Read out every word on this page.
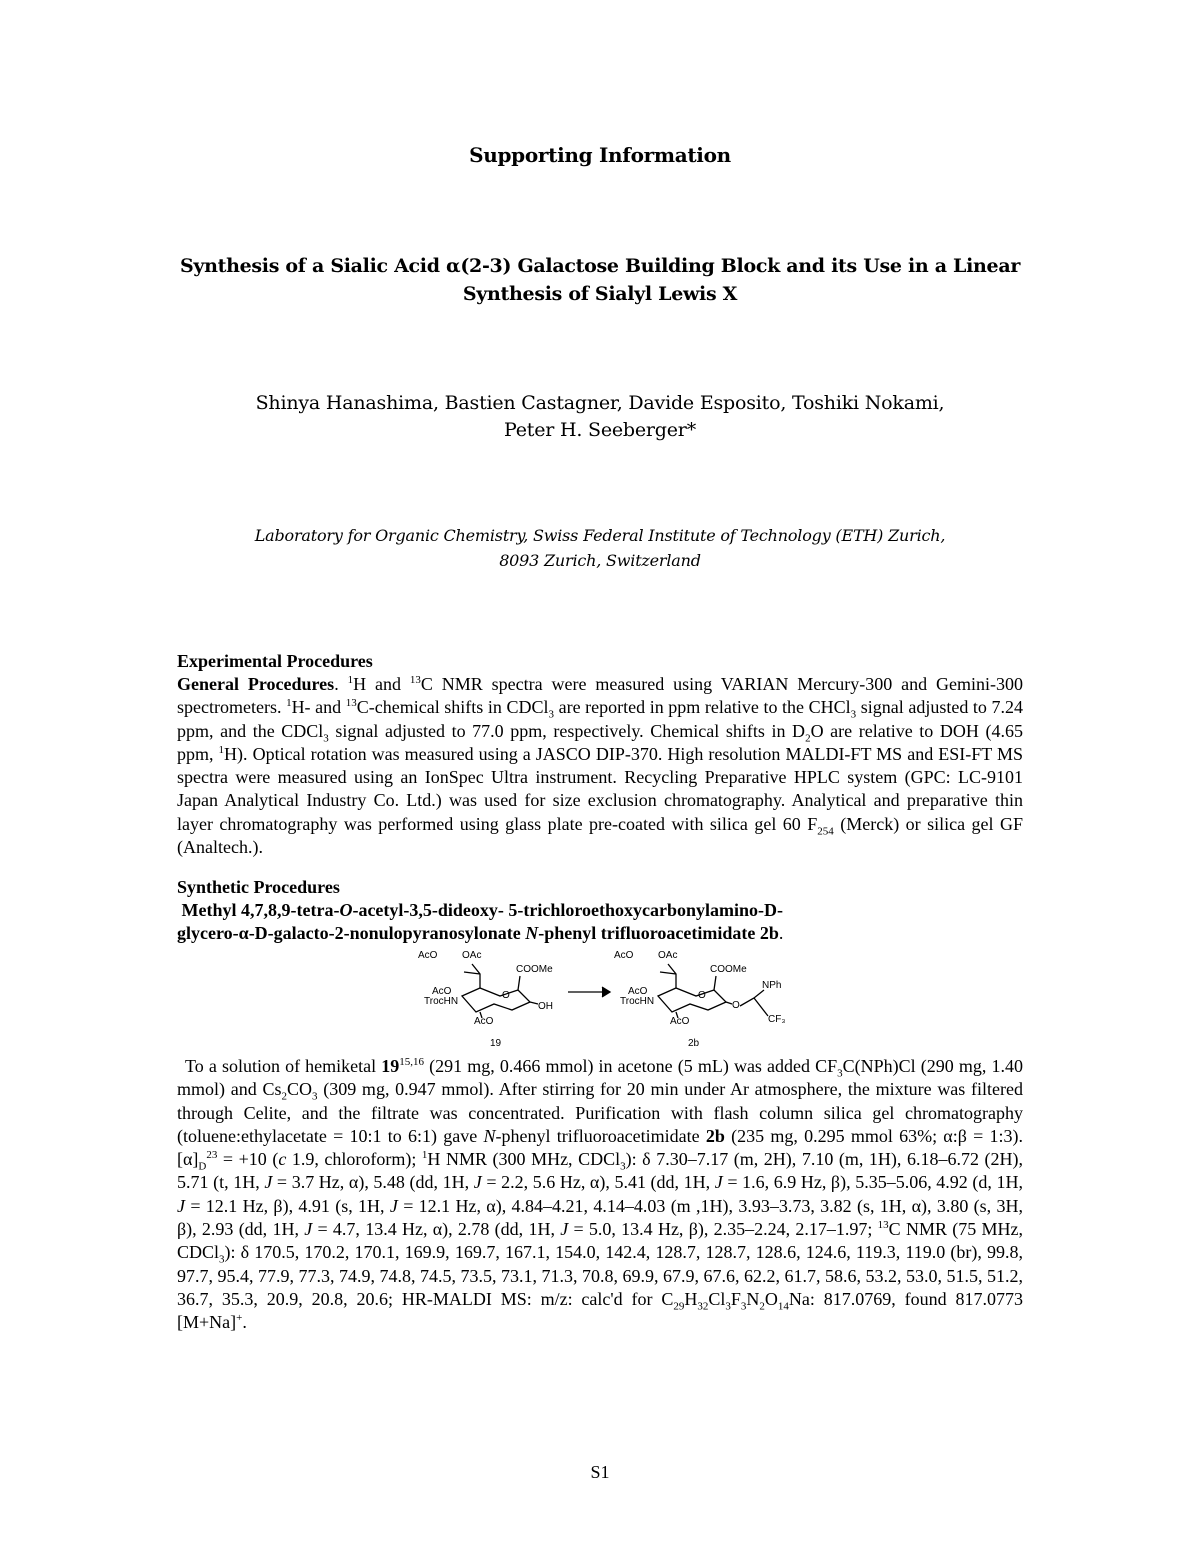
Supporting Information
Synthesis of a Sialic Acid α(2-3) Galactose Building Block and its Use in a Linear
Synthesis of Sialyl Lewis X
Shinya Hanashima, Bastien Castagner, Davide Esposito, Toshiki Nokami,
Peter H. Seeberger*
Laboratory for Organic Chemistry, Swiss Federal Institute of Technology (ETH) Zurich,
8093 Zurich, Switzerland
Experimental Procedures
General Procedures. $^1$H and $^{13}$C NMR spectra were measured using VARIAN Mercury-300 and Gemini-300 spectrometers. $^1$H- and $^{13}$C-chemical shifts in CDCl$_3$ are reported in ppm relative to the CHCl$_3$ signal adjusted to 7.24 ppm, and the CDCl$_3$ signal adjusted to 77.0 ppm, respectively. Chemical shifts in $D_2O$ are relative to DOH (4.65 ppm, $^1$H). Optical rotation was measured using a JASCO DIP-370. High resolution MALDI-FT MS and ESI-FT MS spectra were measured using an IonSpec Ultra instrument. Recycling Preparative HPLC system (GPC: LC-9101 Japan Analytical Industry Co. Ltd.) was used for size exclusion chromatography. Analytical and preparative thin layer chromatography was performed using glass plate pre-coated with silica gel 60 $F_{254}$ (Merck) or silica gel GF (Analtech.).
Synthetic Procedures
Methyl 4,7,8,9-tetra-O-acetyl-3,5-dideoxy- 5-trichloroethoxycarbonylamino-D-
glycero-α-D-galacto-2-nonulopyranosylonate N-phenyl trifluoroacetimidate 2b.
AcO OAc
COOMe
AcO
TrocHN
O
OH
AcO
19
AcO OAc
COOMe
NPh
AcO
TrocHN
O
O
CF₃
AcO
2b
To a solution of hemiketal 19$^{15,16}$ (291 mg, 0.466 mmol) in acetone (5 mL) was added $CF_3C(NPh)Cl$ (290 mg, 1.40 mmol) and $Cs_2CO_3$ (309 mg, 0.947 mmol). After stirring for 20 min under Ar atmosphere, the mixture was filtered through Celite, and the filtrate was concentrated. Purification with flash column silica gel chromatography (toluene:ethylacetate = 10:1 to 6:1) gave N-phenyl trifluoroacetimidate 2b (235 mg, 0.295 mmol 63%; α:β = 1:3). $[\alpha]_D^{23} = +10$ (c 1.9, chloroform); $^1$H NMR (300 MHz, CDCl$_3$): δ 7.30–7.17 (m, 2H), 7.10 (m, 1H), 6.18–6.72 (2H), 5.71 (t, 1H, J = 3.7 Hz, α), 5.48 (dd, 1H, J = 2.2, 5.6 Hz, α), 5.41 (dd, 1H, J = 1.6, 6.9 Hz, β), 5.35–5.06, 4.92 (d, 1H, J = 12.1 Hz, β), 4.91 (s, 1H, J = 12.1 Hz, α), 4.84–4.21, 4.14–4.03 (m ,1H), 3.93–3.73, 3.82 (s, 1H, α), 3.80 (s, 3H, β), 2.93 (dd, 1H, J = 4.7, 13.4 Hz, α), 2.78 (dd, 1H, J = 5.0, 13.4 Hz, β), 2.35–2.24, 2.17–1.97; $^{13}$C NMR (75 MHz, CDCl$_3$): δ 170.5, 170.2, 170.1, 169.9, 169.7, 167.1, 154.0, 142.4, 128.7, 128.7, 128.6, 124.6, 119.3, 119.0 (br), 99.8, 97.7, 95.4, 77.9, 77.3, 74.9, 74.8, 74.5, 73.5, 73.1, 71.3, 70.8, 69.9, 67.9, 67.6, 62.2, 61.7, 58.6, 53.2, 53.0, 51.5, 51.2, 36.7, 35.3, 20.9, 20.8, 20.6; HR-MALDI MS: m/z: calc'd for $C_{29}H_{32}Cl_3F_3N_2O_{14}Na$: 817.0769, found 817.0773 [M+Na]+.
S1
